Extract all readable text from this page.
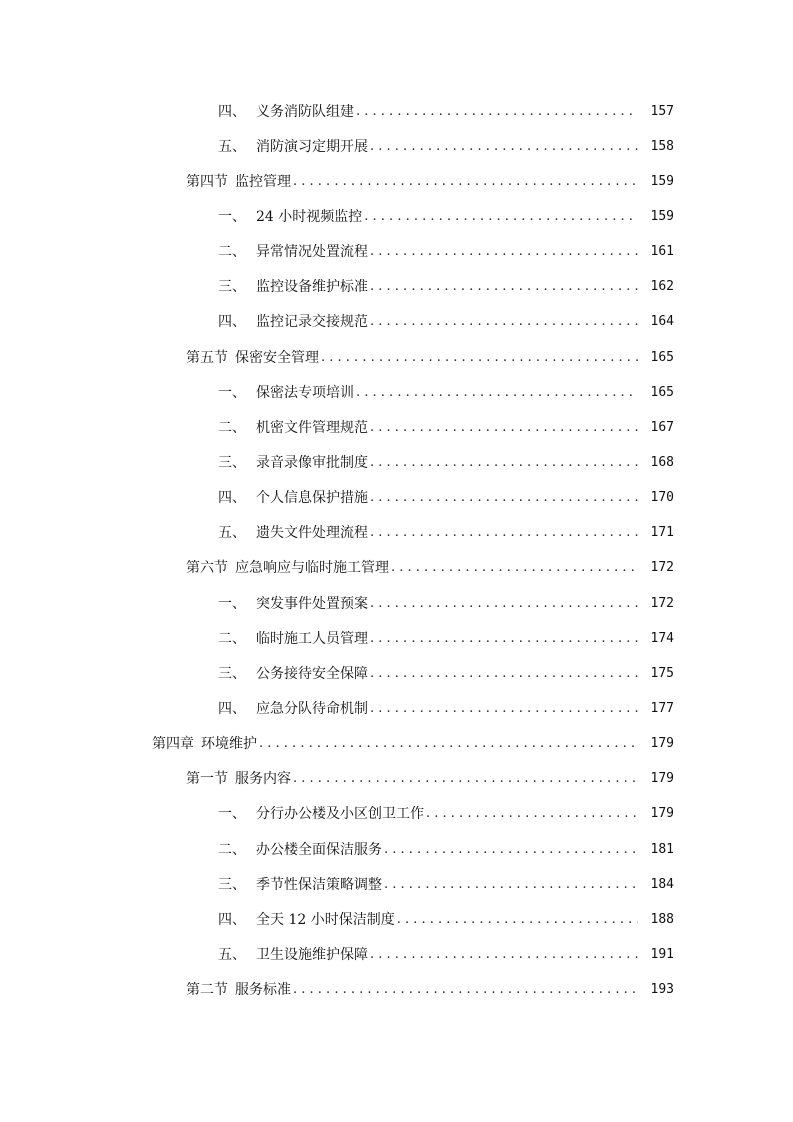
四、 义务消防队组建 . . .	157
五、 消防演习定期开展 . . .	158
第四节 监控管理 . . .	159
一、 24 小时视频监控 . . .	159
二、 异常情况处置流程 . . .	161
三、 监控设备维护标准 . . .	162
四、 监控记录交接规范 . . .	164
第五节 保密安全管理 . . .	165
一、 保密法专项培训 . . .	165
二、 机密文件管理规范 . . .	167
三、 录音录像审批制度 . . .	168
四、 个人信息保护措施 . . .	170
五、 遗失文件处理流程 . . .	171
第六节 应急响应与临时施工管理 . . .	172
一、 突发事件处置预案 . . .	172
二、 临时施工人员管理 . . .	174
三、 公务接待安全保障 . . .	175
四、 应急分队待命机制 . . .	177
第四章 环境维护 . . .	179
第一节 服务内容 . . .	179
一、 分行办公楼及小区创卫工作 . . .	179
二、 办公楼全面保洁服务 . . .	181
三、 季节性保洁策略调整 . . .	184
四、 全天 12 小时保洁制度 . . .	188
五、 卫生设施维护保障 . . .	191
第二节 服务标准 . . .	193
